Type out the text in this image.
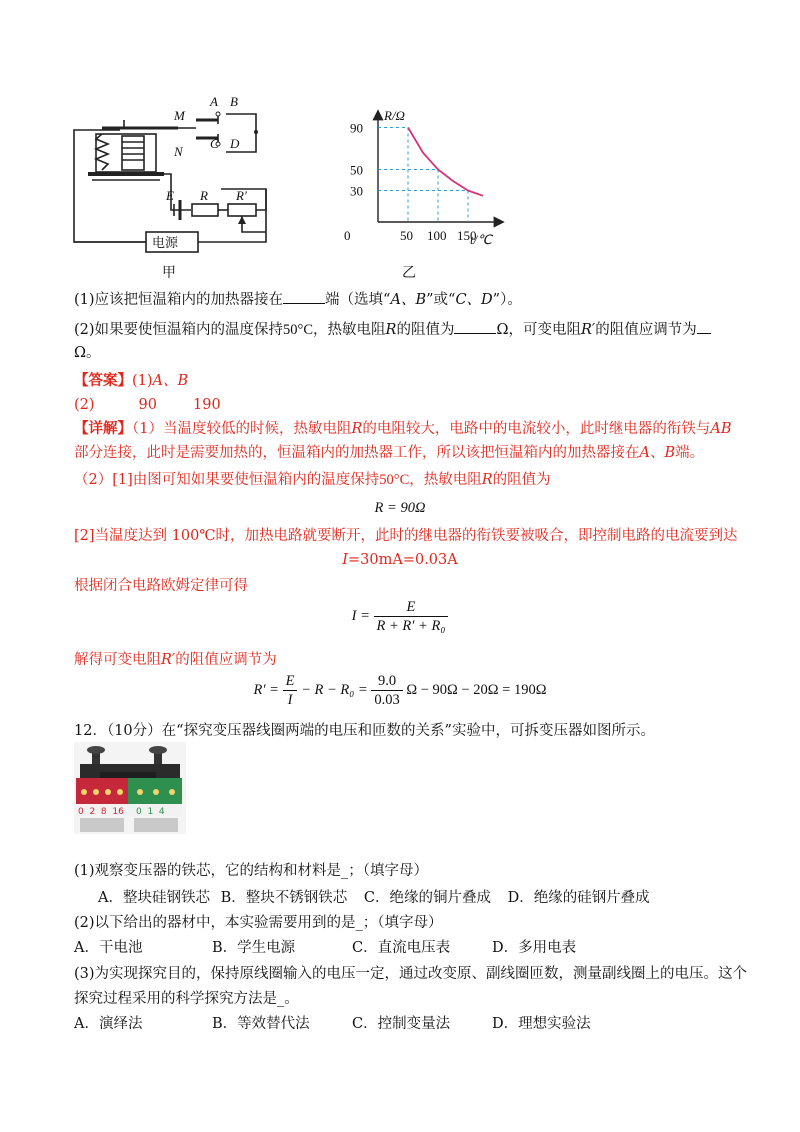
M
N
A B
C D
E R R′
电源
甲
R/Ω
t/℃
0	50 100 150
30
50
90
乙
(1)应该把恒温箱内的加热器接在	端（选填“A、B”或“C、D”）。
(2)如果要使恒温箱内的温度保持50°C，热敏电阻R的阻值为	Ω，可变电阻R′的阻值应调节为
Ω。
【答案】(1)A、B
(2)	90 190
【详解】（1）当温度较低的时候，热敏电阻R的电阻较大，电路中的电流较小，此时继电器的衔铁与AB
部分连接，此时是需要加热的，恒温箱内的加热器工作，所以该把恒温箱内的加热器接在A、B端。
（2）[1]由图可知如果要使恒温箱内的温度保持50°C，热敏电阻R的阻值为
R = 90Ω
[2]当温度达到 100℃时，加热电路就要断开，此时的继电器的衔铁要被吸合，即控制电路的电流要到达
I=30mA=0.03A
根据闭合电路欧姆定律可得
$I = \frac{E}{\text{R + R′ + R₀}}$
解得可变电阻R′的阻值应调节为
$R' = \frac{E}{I} - R - R_0 = \frac{9.0}{0.03}$ Ω − 90Ω − 20Ω = 190Ω
12．（10分）在“探究变压器线圈两端的电压和匝数的关系”实验中，可拆变压器如图所示。
0  2  8  16 0  1  4
(1)观察变压器的铁芯，它的结构和材料是_；（填字母）
A．整块硅钢铁芯 B．整块不锈钢铁芯 C．绝缘的铜片叠成 D．绝缘的硅钢片叠成
(2)以下给出的器材中，本实验需要用到的是_；（填字母）
A．干电池	B．学生电源	C．直流电压表	D．多用电表
(3)为实现探究目的，保持原线圈输入的电压一定，通过改变原、副线圈匝数，测量副线圈上的电压。这个
探究过程采用的科学探究方法是_。
A．演绎法	B．等效替代法	C．控制变量法	D．理想实验法
